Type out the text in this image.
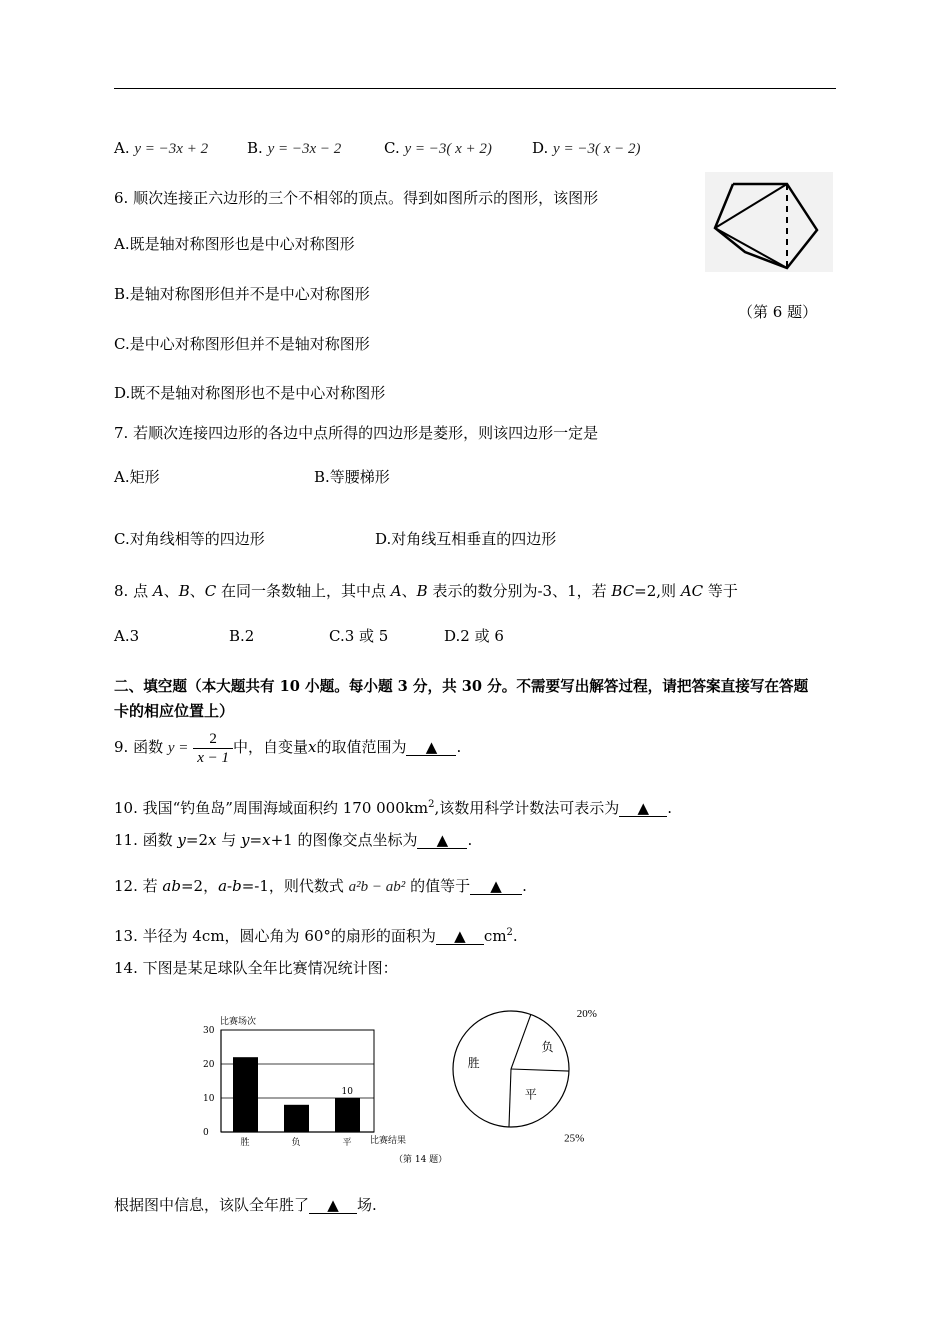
A. y = −3x + 2	B. y = −3x − 2	C. y = −3( x + 2)	D. y = −3( x − 2)
6. 顺次连接正六边形的三个不相邻的顶点。得到如图所示的图形，该图形
A.既是轴对称图形也是中心对称图形
B.是轴对称图形但并不是中心对称图形
C.是中心对称图形但并不是轴对称图形
D.既不是轴对称图形也不是中心对称图形
（第 6 题）
7. 若顺次连接四边形的各边中点所得的四边形是菱形，则该四边形一定是
A.矩形	B.等腰梯形
C.对角线相等的四边形	D.对角线互相垂直的四边形
8. 点 A、B、C 在同一条数轴上，其中点 A、B 表示的数分别为-3、1，若 BC=2,则 AC 等于
A.3	B.2	C.3 或 5	D.2 或 6
二、填空题（本大题共有 10 小题。每小题 3 分，共 30 分。不需要写出解答过程，请把答案直接写在答题
卡的相应位置上）
9. 函数 $y = \frac{2}{x - 1}$ 中，自变量x的取值范围为 ▲ .
10. 我国“钓鱼岛”周围海域面积约 170 $000km^2$,该数用科学计数法可表示为 ▲ .
11. 函数 y=2x 与 y=x+1 的图像交点坐标为 ▲ .
12. 若 ab=2，a-b=-1，则代数式 a²b − ab² 的值等于 ▲ .
13. 半径为 4cm，圆心角为 60°的扇形的面积为 ▲ $cm^2$.
14. 下图是某足球队全年比赛情况统计图：
比赛场次
0
10
20
30
10
胜	负	平 比赛结果
（第 14 题）
胜
负
20%
平
25%
根据图中信息，该队全年胜了 ▲ 场.
